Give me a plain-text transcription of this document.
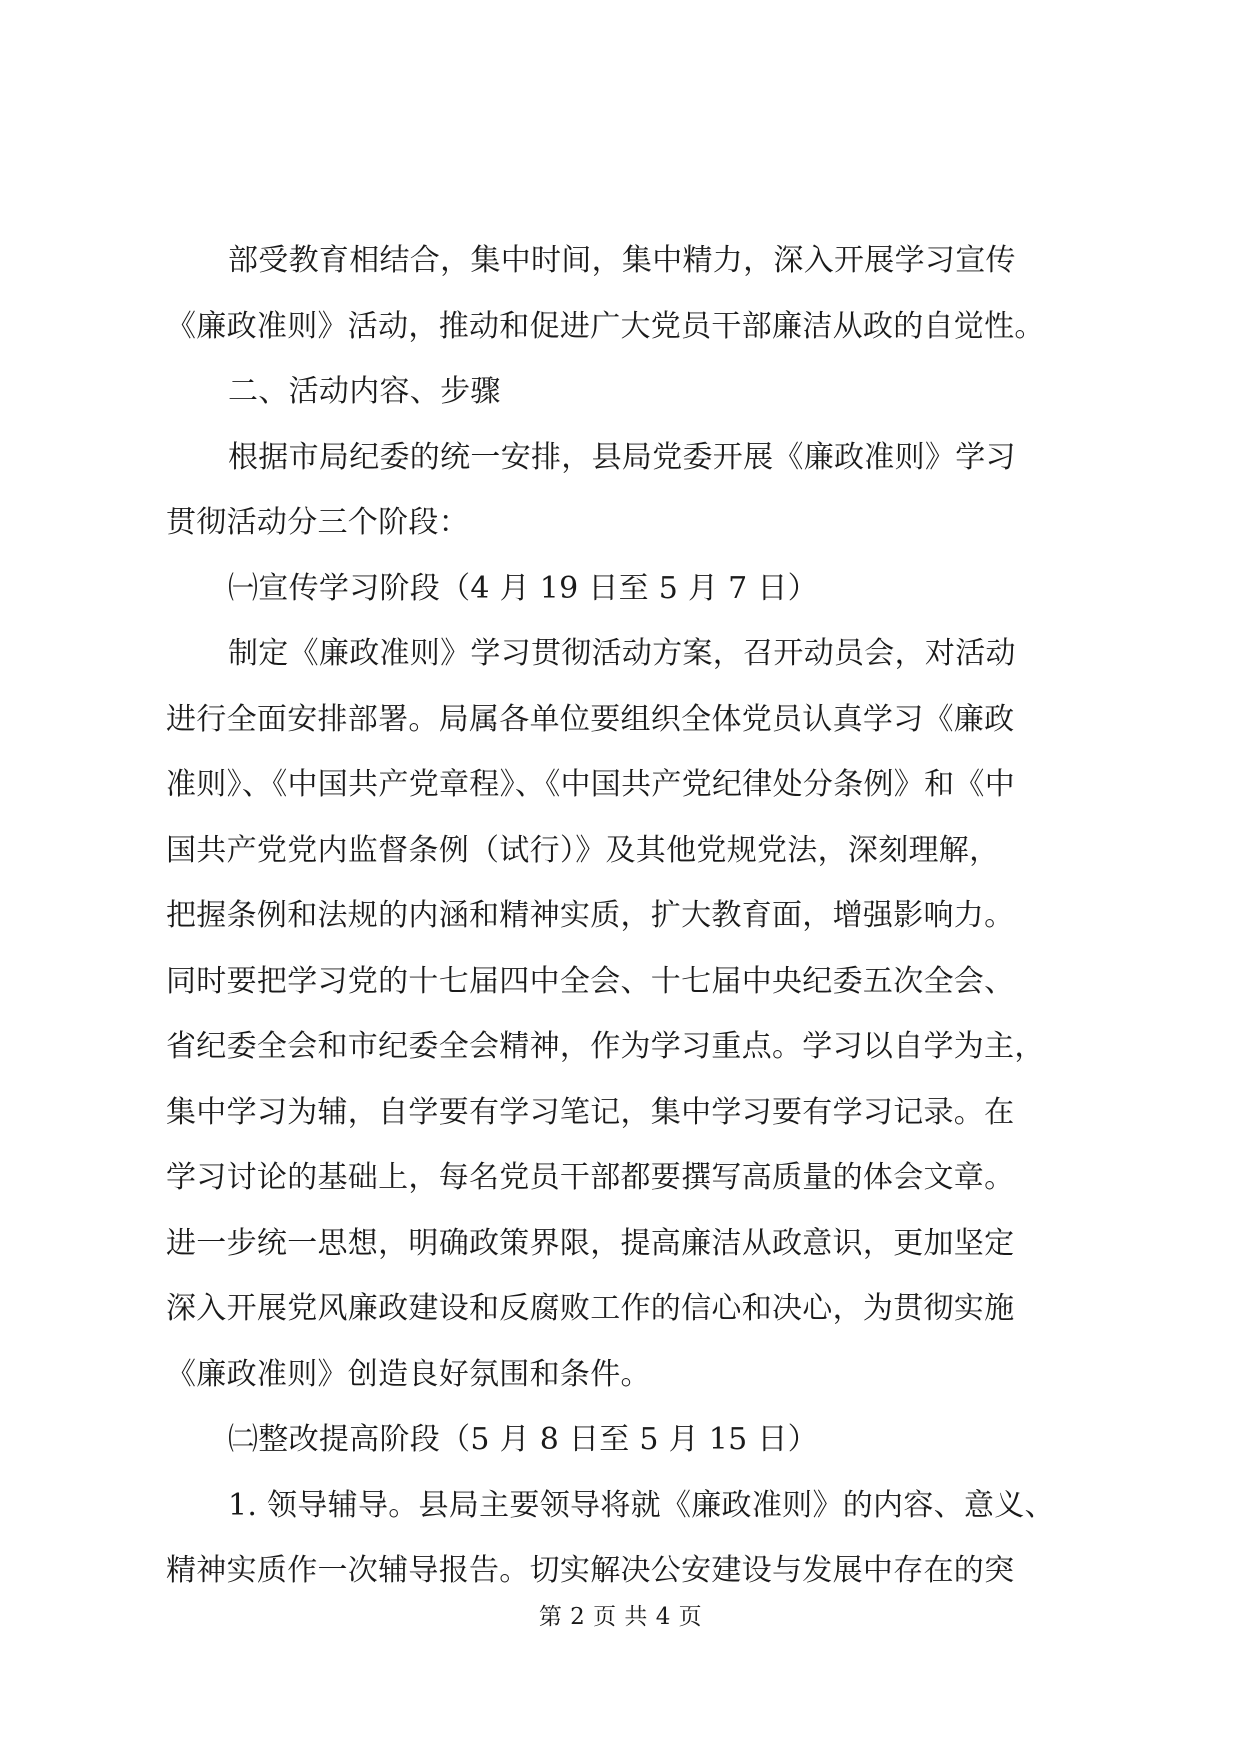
部受教育相结合，集中时间，集中精力，深入开展学习宣传
《廉政准则》活动，推动和促进广大党员干部廉洁从政的自觉性。
二、活动内容、步骤
根据市局纪委的统一安排，县局党委开展《廉政准则》学习
贯彻活动分三个阶段：
㈠宣传学习阶段（4 月 19 日至 5 月 7 日）
制定《廉政准则》学习贯彻活动方案，召开动员会，对活动
进行全面安排部署。局属各单位要组织全体党员认真学习《廉政
准则》、《中国共产党章程》、《中国共产党纪律处分条例》和《中
国共产党党内监督条例（试行）》及其他党规党法，深刻理解，
把握条例和法规的内涵和精神实质，扩大教育面，增强影响力。
同时要把学习党的十七届四中全会、十七届中央纪委五次全会、
省纪委全会和市纪委全会精神，作为学习重点。学习以自学为主，
集中学习为辅，自学要有学习笔记，集中学习要有学习记录。在
学习讨论的基础上，每名党员干部都要撰写高质量的体会文章。
进一步统一思想，明确政策界限，提高廉洁从政意识，更加坚定
深入开展党风廉政建设和反腐败工作的信心和决心，为贯彻实施
《廉政准则》创造良好氛围和条件。
㈡整改提高阶段（5 月 8 日至 5 月 15 日）
1. 领导辅导。县局主要领导将就《廉政准则》的内容、意义、
精神实质作一次辅导报告。切实解决公安建设与发展中存在的突
第 2 页 共 4 页
